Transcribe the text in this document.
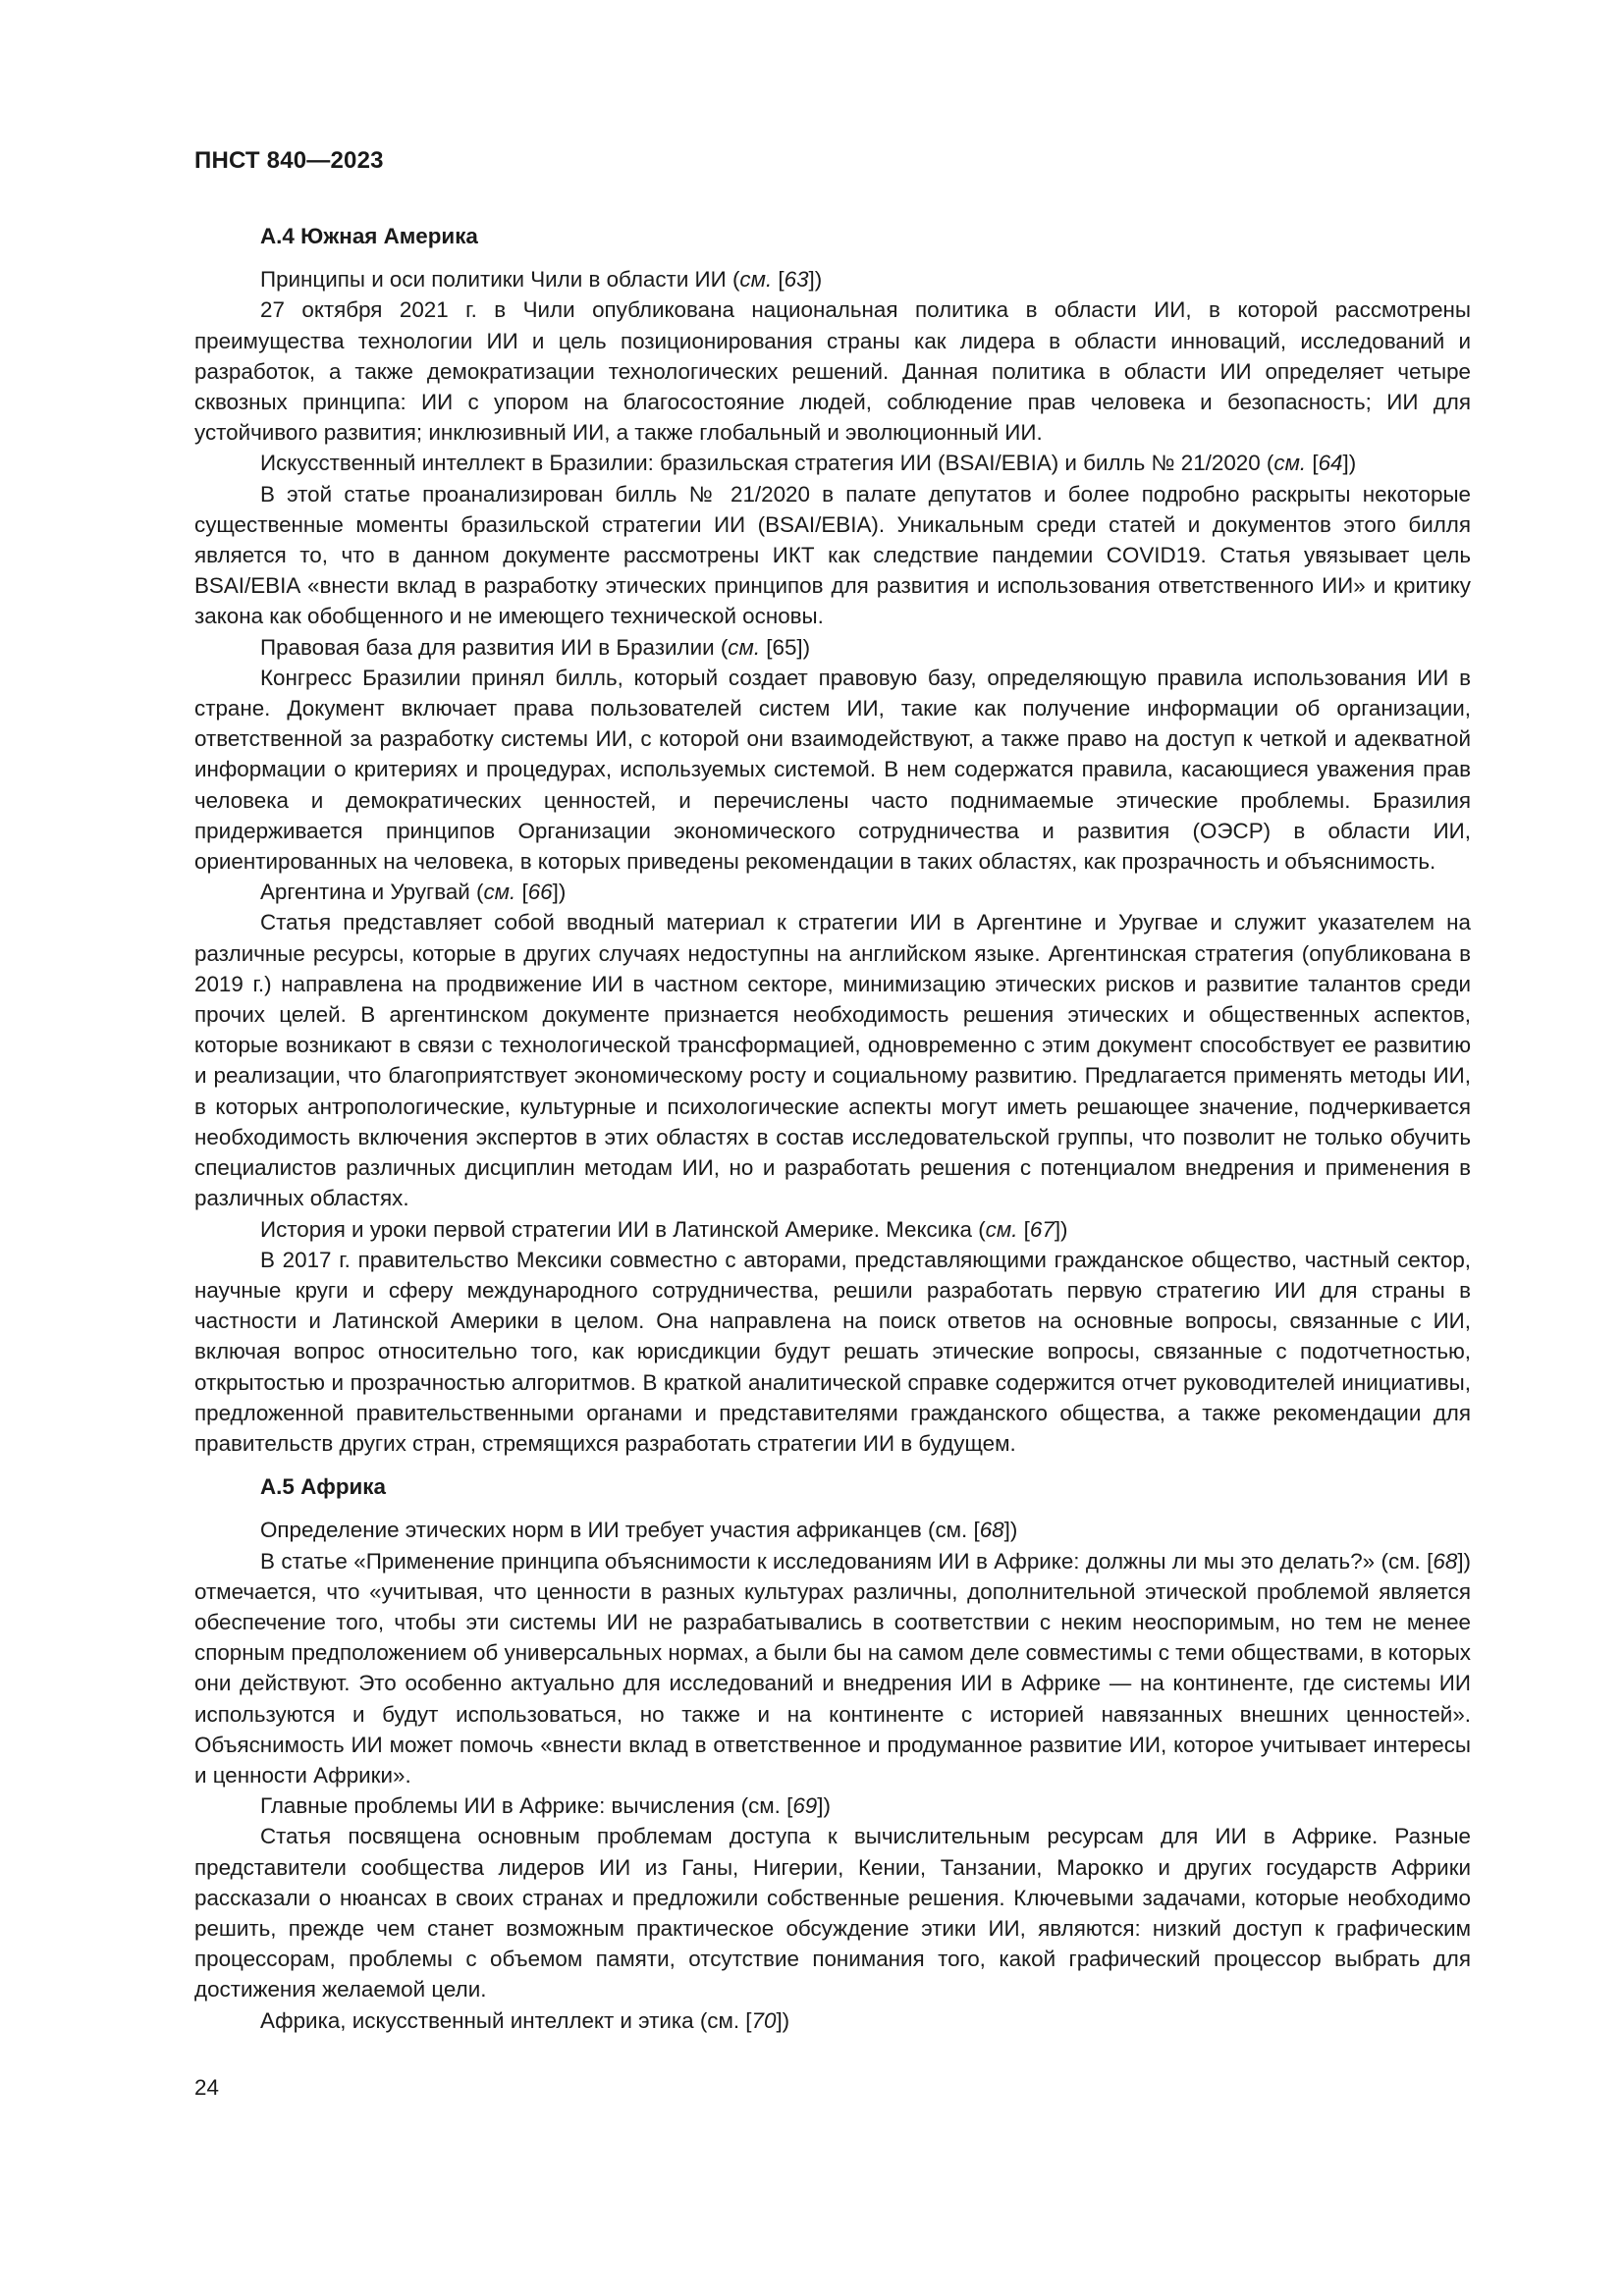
ПНСТ 840—2023

А.4 Южная Америка

Принципы и оси политики Чили в области ИИ (см. [63])

27 октября 2021 г. в Чили опубликована национальная политика в области ИИ, в которой рассмотрены преимущества технологии ИИ и цель позиционирования страны как лидера в области инноваций, исследований и разработок, а также демократизации технологических решений. Данная политика в области ИИ определяет четыре сквозных принципа: ИИ с упором на благосостояние людей, соблюдение прав человека и безопасность; ИИ для устойчивого развития; инклюзивный ИИ, а также глобальный и эволюционный ИИ.

Искусственный интеллект в Бразилии: бразильская стратегия ИИ (BSAI/EBIA) и билль № 21/2020 (см. [64])

В этой статье проанализирован билль № 21/2020 в палате депутатов и более подробно раскрыты некоторые существенные моменты бразильской стратегии ИИ (BSAI/EBIA). Уникальным среди статей и документов этого билля является то, что в данном документе рассмотрены ИКТ как следствие пандемии COVID19. Статья увязывает цель BSAI/EBIA «внести вклад в разработку этических принципов для развития и использования ответственного ИИ» и критику закона как обобщенного и не имеющего технической основы.

Правовая база для развития ИИ в Бразилии (см. [65])

Конгресс Бразилии принял билль, который создает правовую базу, определяющую правила использования ИИ в стране. Документ включает права пользователей систем ИИ, такие как получение информации об организации, ответственной за разработку системы ИИ, с которой они взаимодействуют, а также право на доступ к четкой и адекватной информации о критериях и процедурах, используемых системой. В нем содержатся правила, касающиеся уважения прав человека и демократических ценностей, и перечислены часто поднимаемые этические проблемы. Бразилия придерживается принципов Организации экономического сотрудничества и развития (ОЭСР) в области ИИ, ориентированных на человека, в которых приведены рекомендации в таких областях, как прозрачность и объяснимость.

Аргентина и Уругвай (см. [66])

Статья представляет собой вводный материал к стратегии ИИ в Аргентине и Уругвае и служит указателем на различные ресурсы, которые в других случаях недоступны на английском языке. Аргентинская стратегия (опубликована в 2019 г.) направлена на продвижение ИИ в частном секторе, минимизацию этических рисков и развитие талантов среди прочих целей. В аргентинском документе признается необходимость решения этических и общественных аспектов, которые возникают в связи с технологической трансформацией, одновременно с этим документ способствует ее развитию и реализации, что благоприятствует экономическому росту и социальному развитию. Предлагается применять методы ИИ, в которых антропологические, культурные и психологические аспекты могут иметь решающее значение, подчеркивается необходимость включения экспертов в этих областях в состав исследовательской группы, что позволит не только обучить специалистов различных дисциплин методам ИИ, но и разработать решения с потенциалом внедрения и применения в различных областях.

История и уроки первой стратегии ИИ в Латинской Америке. Мексика (см. [67])

В 2017 г. правительство Мексики совместно с авторами, представляющими гражданское общество, частный сектор, научные круги и сферу международного сотрудничества, решили разработать первую стратегию ИИ для страны в частности и Латинской Америки в целом. Она направлена на поиск ответов на основные вопросы, связанные с ИИ, включая вопрос относительно того, как юрисдикции будут решать этические вопросы, связанные с подотчетностью, открытостью и прозрачностью алгоритмов. В краткой аналитической справке содержится отчет руководителей инициативы, предложенной правительственными органами и представителями гражданского общества, а также рекомендации для правительств других стран, стремящихся разработать стратегии ИИ в будущем.

А.5 Африка

Определение этических норм в ИИ требует участия африканцев (см. [68])

В статье «Применение принципа объяснимости к исследованиям ИИ в Африке: должны ли мы это делать?» (см. [68]) отмечается, что «учитывая, что ценности в разных культурах различны, дополнительной этической проблемой является обеспечение того, чтобы эти системы ИИ не разрабатывались в соответствии с неким неоспоримым, но тем не менее спорным предположением об универсальных нормах, а были бы на самом деле совместимы с теми обществами, в которых они действуют. Это особенно актуально для исследований и внедрения ИИ в Африке — на континенте, где системы ИИ используются и будут использоваться, но также и на континенте с историей навязанных внешних ценностей». Объяснимость ИИ может помочь «внести вклад в ответственное и продуманное развитие ИИ, которое учитывает интересы и ценности Африки».

Главные проблемы ИИ в Африке: вычисления (см. [69])

Статья посвящена основным проблемам доступа к вычислительным ресурсам для ИИ в Африке. Разные представители сообщества лидеров ИИ из Ганы, Нигерии, Кении, Танзании, Марокко и других государств Африки рассказали о нюансах в своих странах и предложили собственные решения. Ключевыми задачами, которые необходимо решить, прежде чем станет возможным практическое обсуждение этики ИИ, являются: низкий доступ к графическим процессорам, проблемы с объемом памяти, отсутствие понимания того, какой графический процессор выбрать для достижения желаемой цели.

Африка, искусственный интеллект и этика (см. [70])

24
